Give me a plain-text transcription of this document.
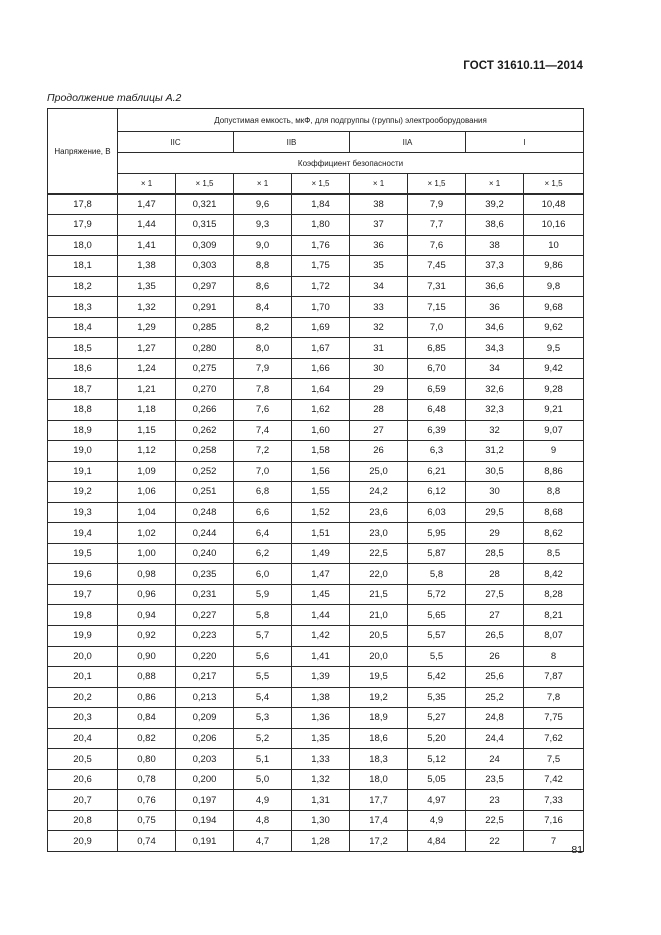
ГОСТ 31610.11—2014
Продолжение таблицы А.2
Напряжение, В	Допустимая емкость, мкФ, для подгруппы (группы) электрооборудования							
	IIC		IIB		IIA		I	
	Коэффициент безопасности							
	× 1	× 1,5	× 1	× 1,5	× 1	× 1,5	× 1	× 1,5
17,8	1,47	0,321	9,6	1,84	38	7,9	39,2	10,48
17,9	1,44	0,315	9,3	1,80	37	7,7	38,6	10,16
18,0	1,41	0,309	9,0	1,76	36	7,6	38	10
18,1	1,38	0,303	8,8	1,75	35	7,45	37,3	9,86
18,2	1,35	0,297	8,6	1,72	34	7,31	36,6	9,8
18,3	1,32	0,291	8,4	1,70	33	7,15	36	9,68
18,4	1,29	0,285	8,2	1,69	32	7,0	34,6	9,62
18,5	1,27	0,280	8,0	1,67	31	6,85	34,3	9,5
18,6	1,24	0,275	7,9	1,66	30	6,70	34	9,42
18,7	1,21	0,270	7,8	1,64	29	6,59	32,6	9,28
18,8	1,18	0,266	7,6	1,62	28	6,48	32,3	9,21
18,9	1,15	0,262	7,4	1,60	27	6,39	32	9,07
19,0	1,12	0,258	7,2	1,58	26	6,3	31,2	9
19,1	1,09	0,252	7,0	1,56	25,0	6,21	30,5	8,86
19,2	1,06	0,251	6,8	1,55	24,2	6,12	30	8,8
19,3	1,04	0,248	6,6	1,52	23,6	6,03	29,5	8,68
19,4	1,02	0,244	6,4	1,51	23,0	5,95	29	8,62
19,5	1,00	0,240	6,2	1,49	22,5	5,87	28,5	8,5
19,6	0,98	0,235	6,0	1,47	22,0	5,8	28	8,42
19,7	0,96	0,231	5,9	1,45	21,5	5,72	27,5	8,28
19,8	0,94	0,227	5,8	1,44	21,0	5,65	27	8,21
19,9	0,92	0,223	5,7	1,42	20,5	5,57	26,5	8,07
20,0	0,90	0,220	5,6	1,41	20,0	5,5	26	8
20,1	0,88	0,217	5,5	1,39	19,5	5,42	25,6	7,87
20,2	0,86	0,213	5,4	1,38	19,2	5,35	25,2	7,8
20,3	0,84	0,209	5,3	1,36	18,9	5,27	24,8	7,75
20,4	0,82	0,206	5,2	1,35	18,6	5,20	24,4	7,62
20,5	0,80	0,203	5,1	1,33	18,3	5,12	24	7,5
20,6	0,78	0,200	5,0	1,32	18,0	5,05	23,5	7,42
20,7	0,76	0,197	4,9	1,31	17,7	4,97	23	7,33
20,8	0,75	0,194	4,8	1,30	17,4	4,9	22,5	7,16
20,9	0,74	0,191	4,7	1,28	17,2	4,84	22	7
81
